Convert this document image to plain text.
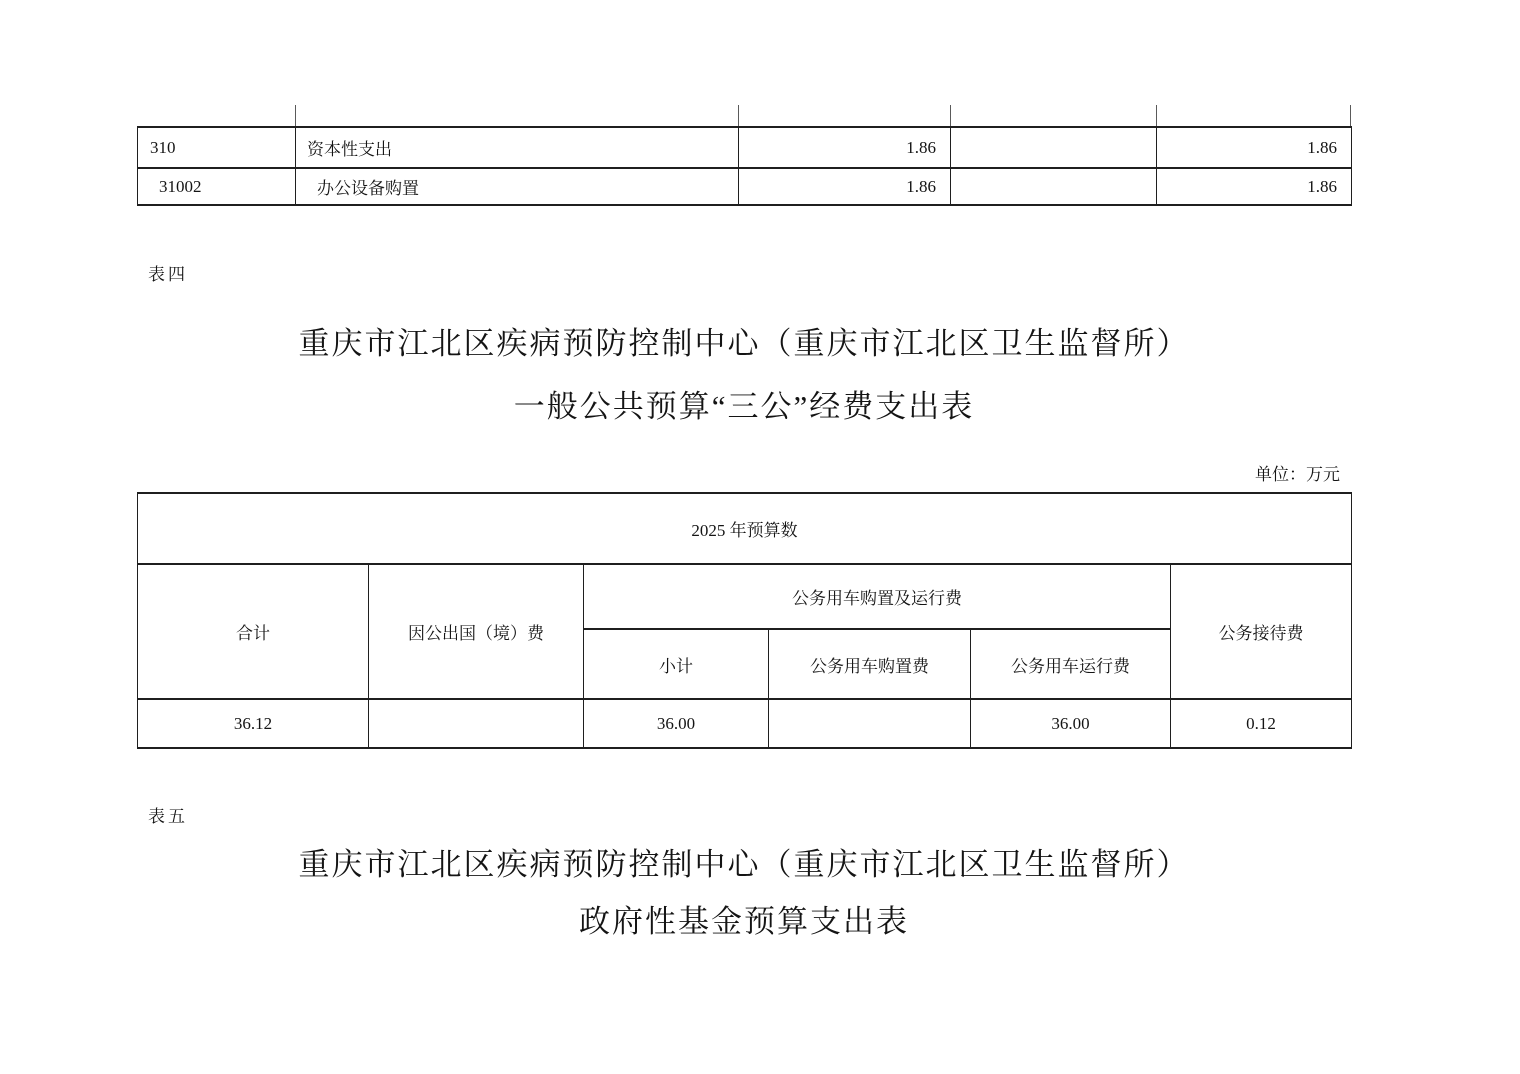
310	资本性支出	1.86		1.86
31002	办公设备购置	1.86		1.86
表四
重庆市江北区疾病预防控制中心（重庆市江北区卫生监督所）
一般公共预算“三公”经费支出表
单位：万元
2025 年预算数					
合计	因公出国（境）费	公务用车购置及运行费			公务接待费
		小计	公务用车购置费	公务用车运行费	
36.12		36.00		36.00	0.12
表五
重庆市江北区疾病预防控制中心（重庆市江北区卫生监督所）
政府性基金预算支出表
